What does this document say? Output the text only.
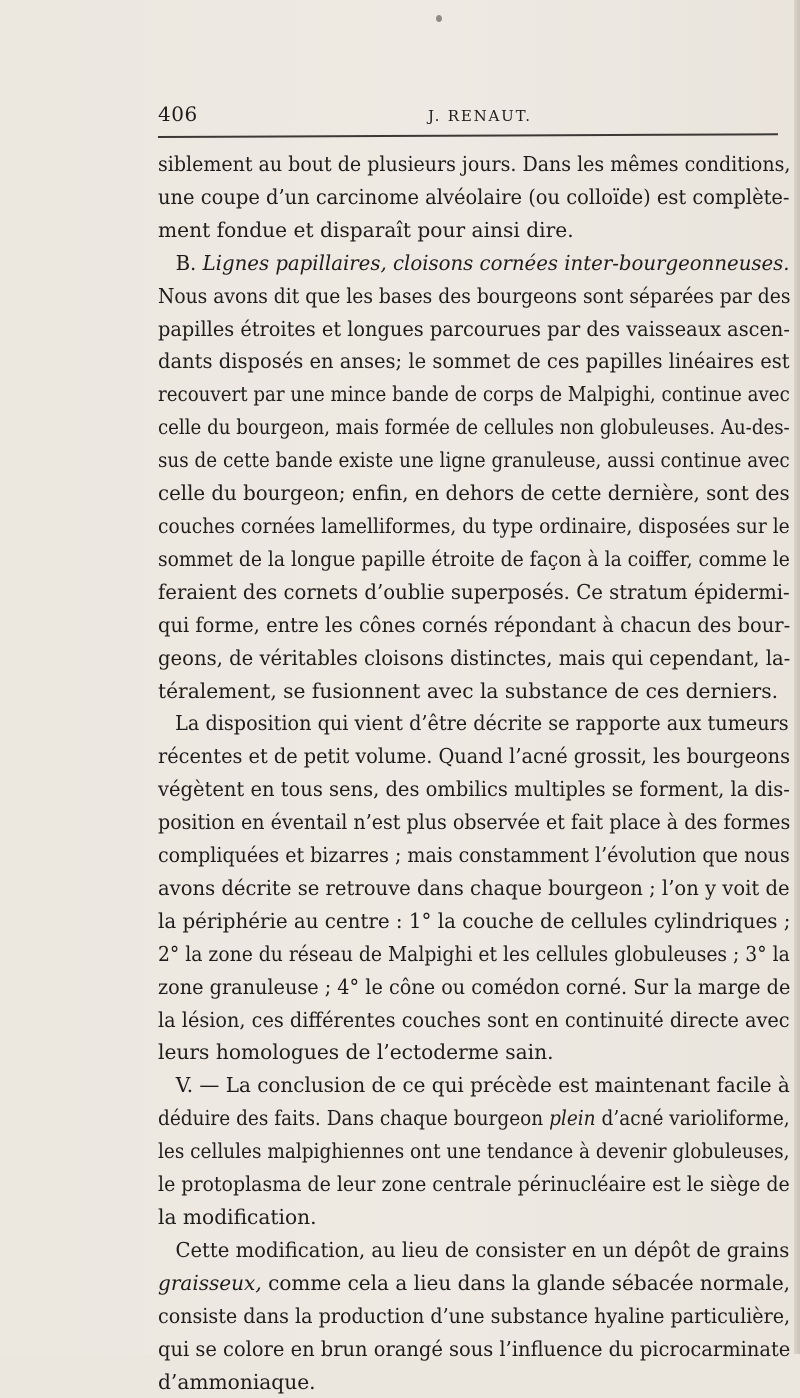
406	J. RENAUT.
siblement au bout de plusieurs jours. Dans les mêmes conditions,
une coupe d’un carcinome alvéolaire (ou colloïde) est complète-
ment fondue et disparaît pour ainsi dire.
B. Lignes papillaires, cloisons cornées inter-bourgeonneuses.
Nous avons dit que les bases des bourgeons sont séparées par des
papilles étroites et longues parcourues par des vaisseaux ascen-
dants disposés en anses; le sommet de ces papilles linéaires est
recouvert par une mince bande de corps de Malpighi, continue avec
celle du bourgeon, mais formée de cellules non globuleuses. Au-des-
sus de cette bande existe une ligne granuleuse, aussi continue avec
celle du bourgeon; enfin, en dehors de cette dernière, sont des
couches cornées lamelliformes, du type ordinaire, disposées sur le
sommet de la longue papille étroite de façon à la coiffer, comme le
feraient des cornets d’oublie superposés. Ce stratum épidermi-
qui forme, entre les cônes cornés répondant à chacun des bour-
geons, de véritables cloisons distinctes, mais qui cependant, la-
téralement, se fusionnent avec la substance de ces derniers.
La disposition qui vient d’être décrite se rapporte aux tumeurs
récentes et de petit volume. Quand l’acné grossit, les bourgeons
végètent en tous sens, des ombilics multiples se forment, la dis-
position en éventail n’est plus observée et fait place à des formes
compliquées et bizarres ; mais constamment l’évolution que nous
avons décrite se retrouve dans chaque bourgeon ; l’on y voit de
la périphérie au centre : 1° la couche de cellules cylindriques ;
2° la zone du réseau de Malpighi et les cellules globuleuses ; 3° la
zone granuleuse ; 4° le cône ou comédon corné. Sur la marge de
la lésion, ces différentes couches sont en continuité directe avec
leurs homologues de l’ectoderme sain.
V. — La conclusion de ce qui précède est maintenant facile à
déduire des faits. Dans chaque bourgeon plein d’acné varioliforme,
les cellules malpighiennes ont une tendance à devenir globuleuses,
le protoplasma de leur zone centrale périnucléaire est le siège de
la modification.
Cette modification, au lieu de consister en un dépôt de grains
graisseux, comme cela a lieu dans la glande sébacée normale,
consiste dans la production d’une substance hyaline particulière,
qui se colore en brun orangé sous l’influence du picrocarminate
d’ammoniaque.
